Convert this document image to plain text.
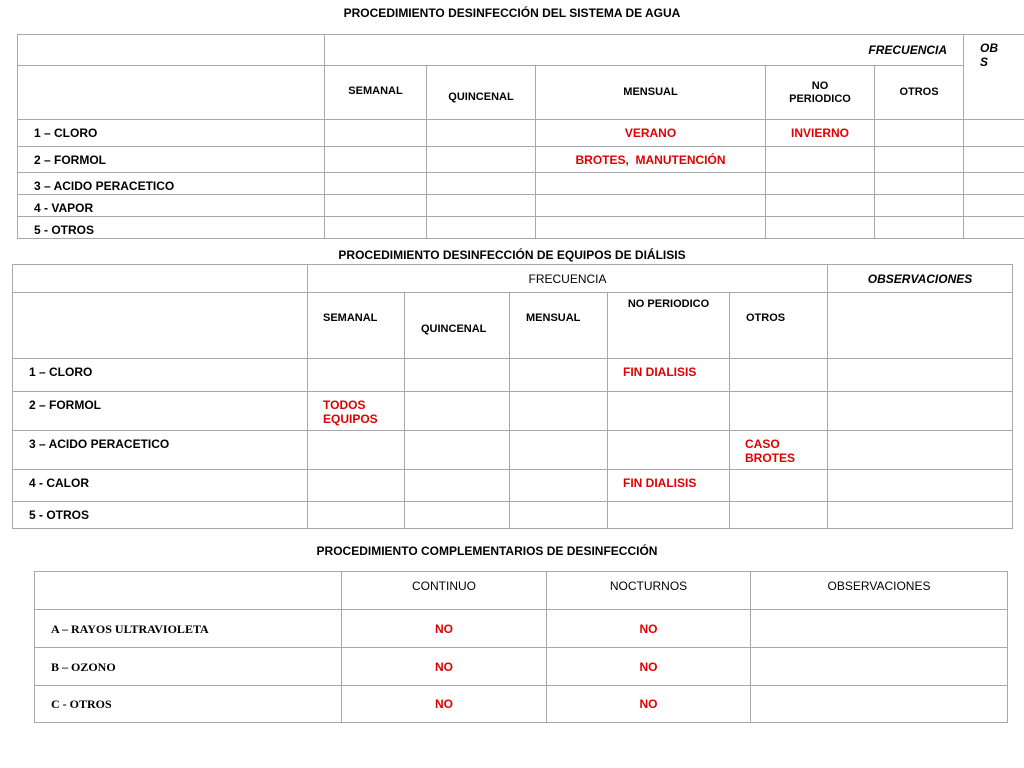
PROCEDIMIENTO DESINFECCIÓN DEL SISTEMA DE AGUA
	FRECUENCIA					OB S

	SEMANAL	QUINCENAL	MENSUAL	NO PERIODICO	OTROS	
1 – CLORO			VERANO	INVIERNO		
2 – FORMOL			BROTES,  MANUTENCIÓN			
3 – ACIDO PERACETICO						
4 - VAPOR						
5 - OTROS						
PROCEDIMIENTO DESINFECCIÓN DE EQUIPOS DE DIÁLISIS
	FRECUENCIA					OBSERVACIONES
	SEMANAL	QUINCENAL	MENSUAL	NO PERIODICO	OTROS	
1 – CLORO				FIN DIALISIS		
2 – FORMOL	TODOS EQUIPOS					
3 – ACIDO PERACETICO					CASO BROTES	
4 - CALOR				FIN DIALISIS		
5 - OTROS						
PROCEDIMIENTO COMPLEMENTARIOS DE DESINFECCIÓN
	CONTINUO	NOCTURNOS	OBSERVACIONES
A – RAYOS ULTRAVIOLETA	NO	NO	
B – OZONO	NO	NO	
C - OTROS	NO	NO	
